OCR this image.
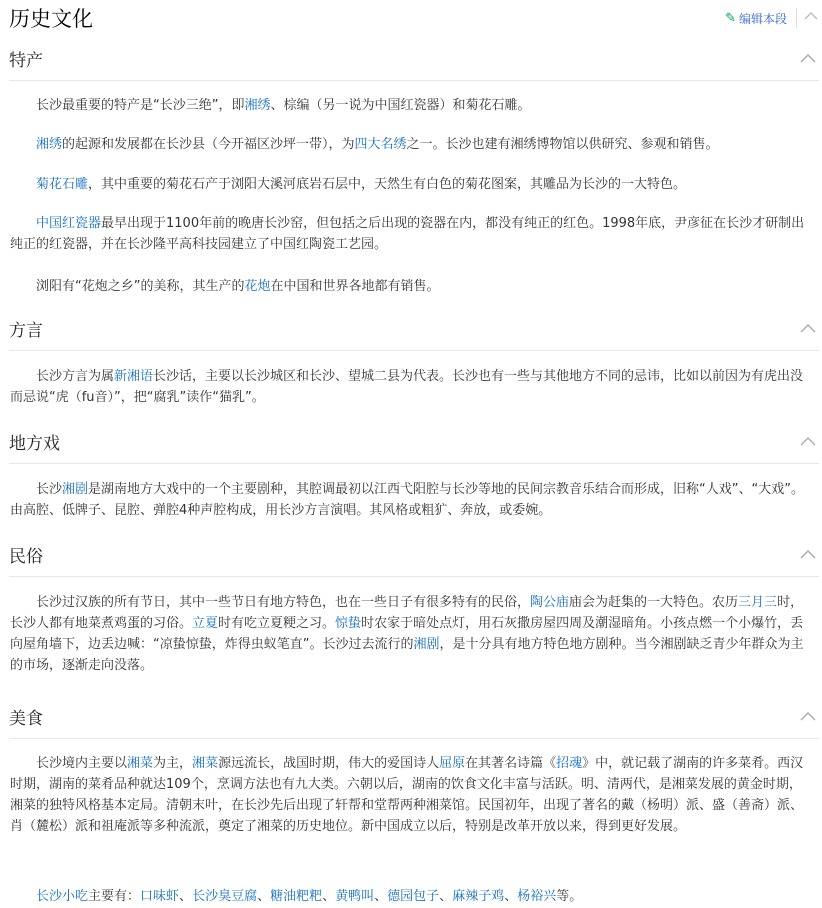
历史文化	✎ 编辑本段
特产

长沙最重要的特产是“长沙三绝”，即湘绣、棕编（另一说为中国红瓷器）和菊花石雕。

湘绣的起源和发展都在长沙县（今开福区沙坪一带），为四大名绣之一。长沙也建有湘绣博物馆以供研究、参观和销售。

菊花石雕，其中重要的菊花石产于浏阳大溪河底岩石层中，天然生有白色的菊花图案，其雕品为长沙的一大特色。

中国红瓷器最早出现于1100年前的晚唐长沙窑，但包括之后出现的瓷器在内，都没有纯正的红色。1998年底，尹彦征在长沙才研制出纯正的红瓷器，并在长沙隆平高科技园建立了中国红陶瓷工艺园。

浏阳有“花炮之乡”的美称，其生产的花炮在中国和世界各地都有销售。

方言

长沙方言为属新湘语长沙话，主要以长沙城区和长沙、望城二县为代表。长沙也有一些与其他地方不同的忌讳，比如以前因为有虎出没而忌说“虎（fu音）”，把“腐乳”读作“猫乳”。

地方戏

长沙湘剧是湖南地方大戏中的一个主要剧种，其腔调最初以江西弋阳腔与长沙等地的民间宗教音乐结合而形成，旧称“人戏”、“大戏”。由高腔、低牌子、昆腔、弹腔4种声腔构成，用长沙方言演唱。其风格或粗犷、奔放，或委婉。

民俗

长沙过汉族的所有节日，其中一些节日有地方特色，也在一些日子有很多特有的民俗，陶公庙庙会为赶集的一大特色。农历三月三时，长沙人都有地菜煮鸡蛋的习俗。立夏时有吃立夏粳之习。惊蛰时农家于暗处点灯，用石灰撒房屋四周及潮湿暗角。小孩点燃一个小爆竹，丢向屋角墙下，边丢边喊：“凉蛰惊蛰，炸得虫蚁笔直”。长沙过去流行的湘剧，是十分具有地方特色地方剧种。当今湘剧缺乏青少年群众为主的市场，逐渐走向没落。

美食

长沙境内主要以湘菜为主，湘菜源远流长，战国时期，伟大的爱国诗人屈原在其著名诗篇《招魂》中，就记载了湖南的许多菜肴。西汉时期，湖南的菜肴品种就达109个，烹调方法也有九大类。六朝以后，湖南的饮食文化丰富与活跃。明、清两代，是湘菜发展的黄金时期，湘菜的独特风格基本定局。清朝末叶，在长沙先后出现了轩帮和堂帮两种湘菜馆。民国初年，出现了著名的戴（杨明）派、盛（善斋）派、肖（麓松）派和祖庵派等多种流派，奠定了湘菜的历史地位。新中国成立以后，特别是改革开放以来，得到更好发展。

长沙小吃主要有：口味虾、长沙臭豆腐、糖油粑粑、黄鸭叫、德园包子、麻辣子鸡、杨裕兴等。
